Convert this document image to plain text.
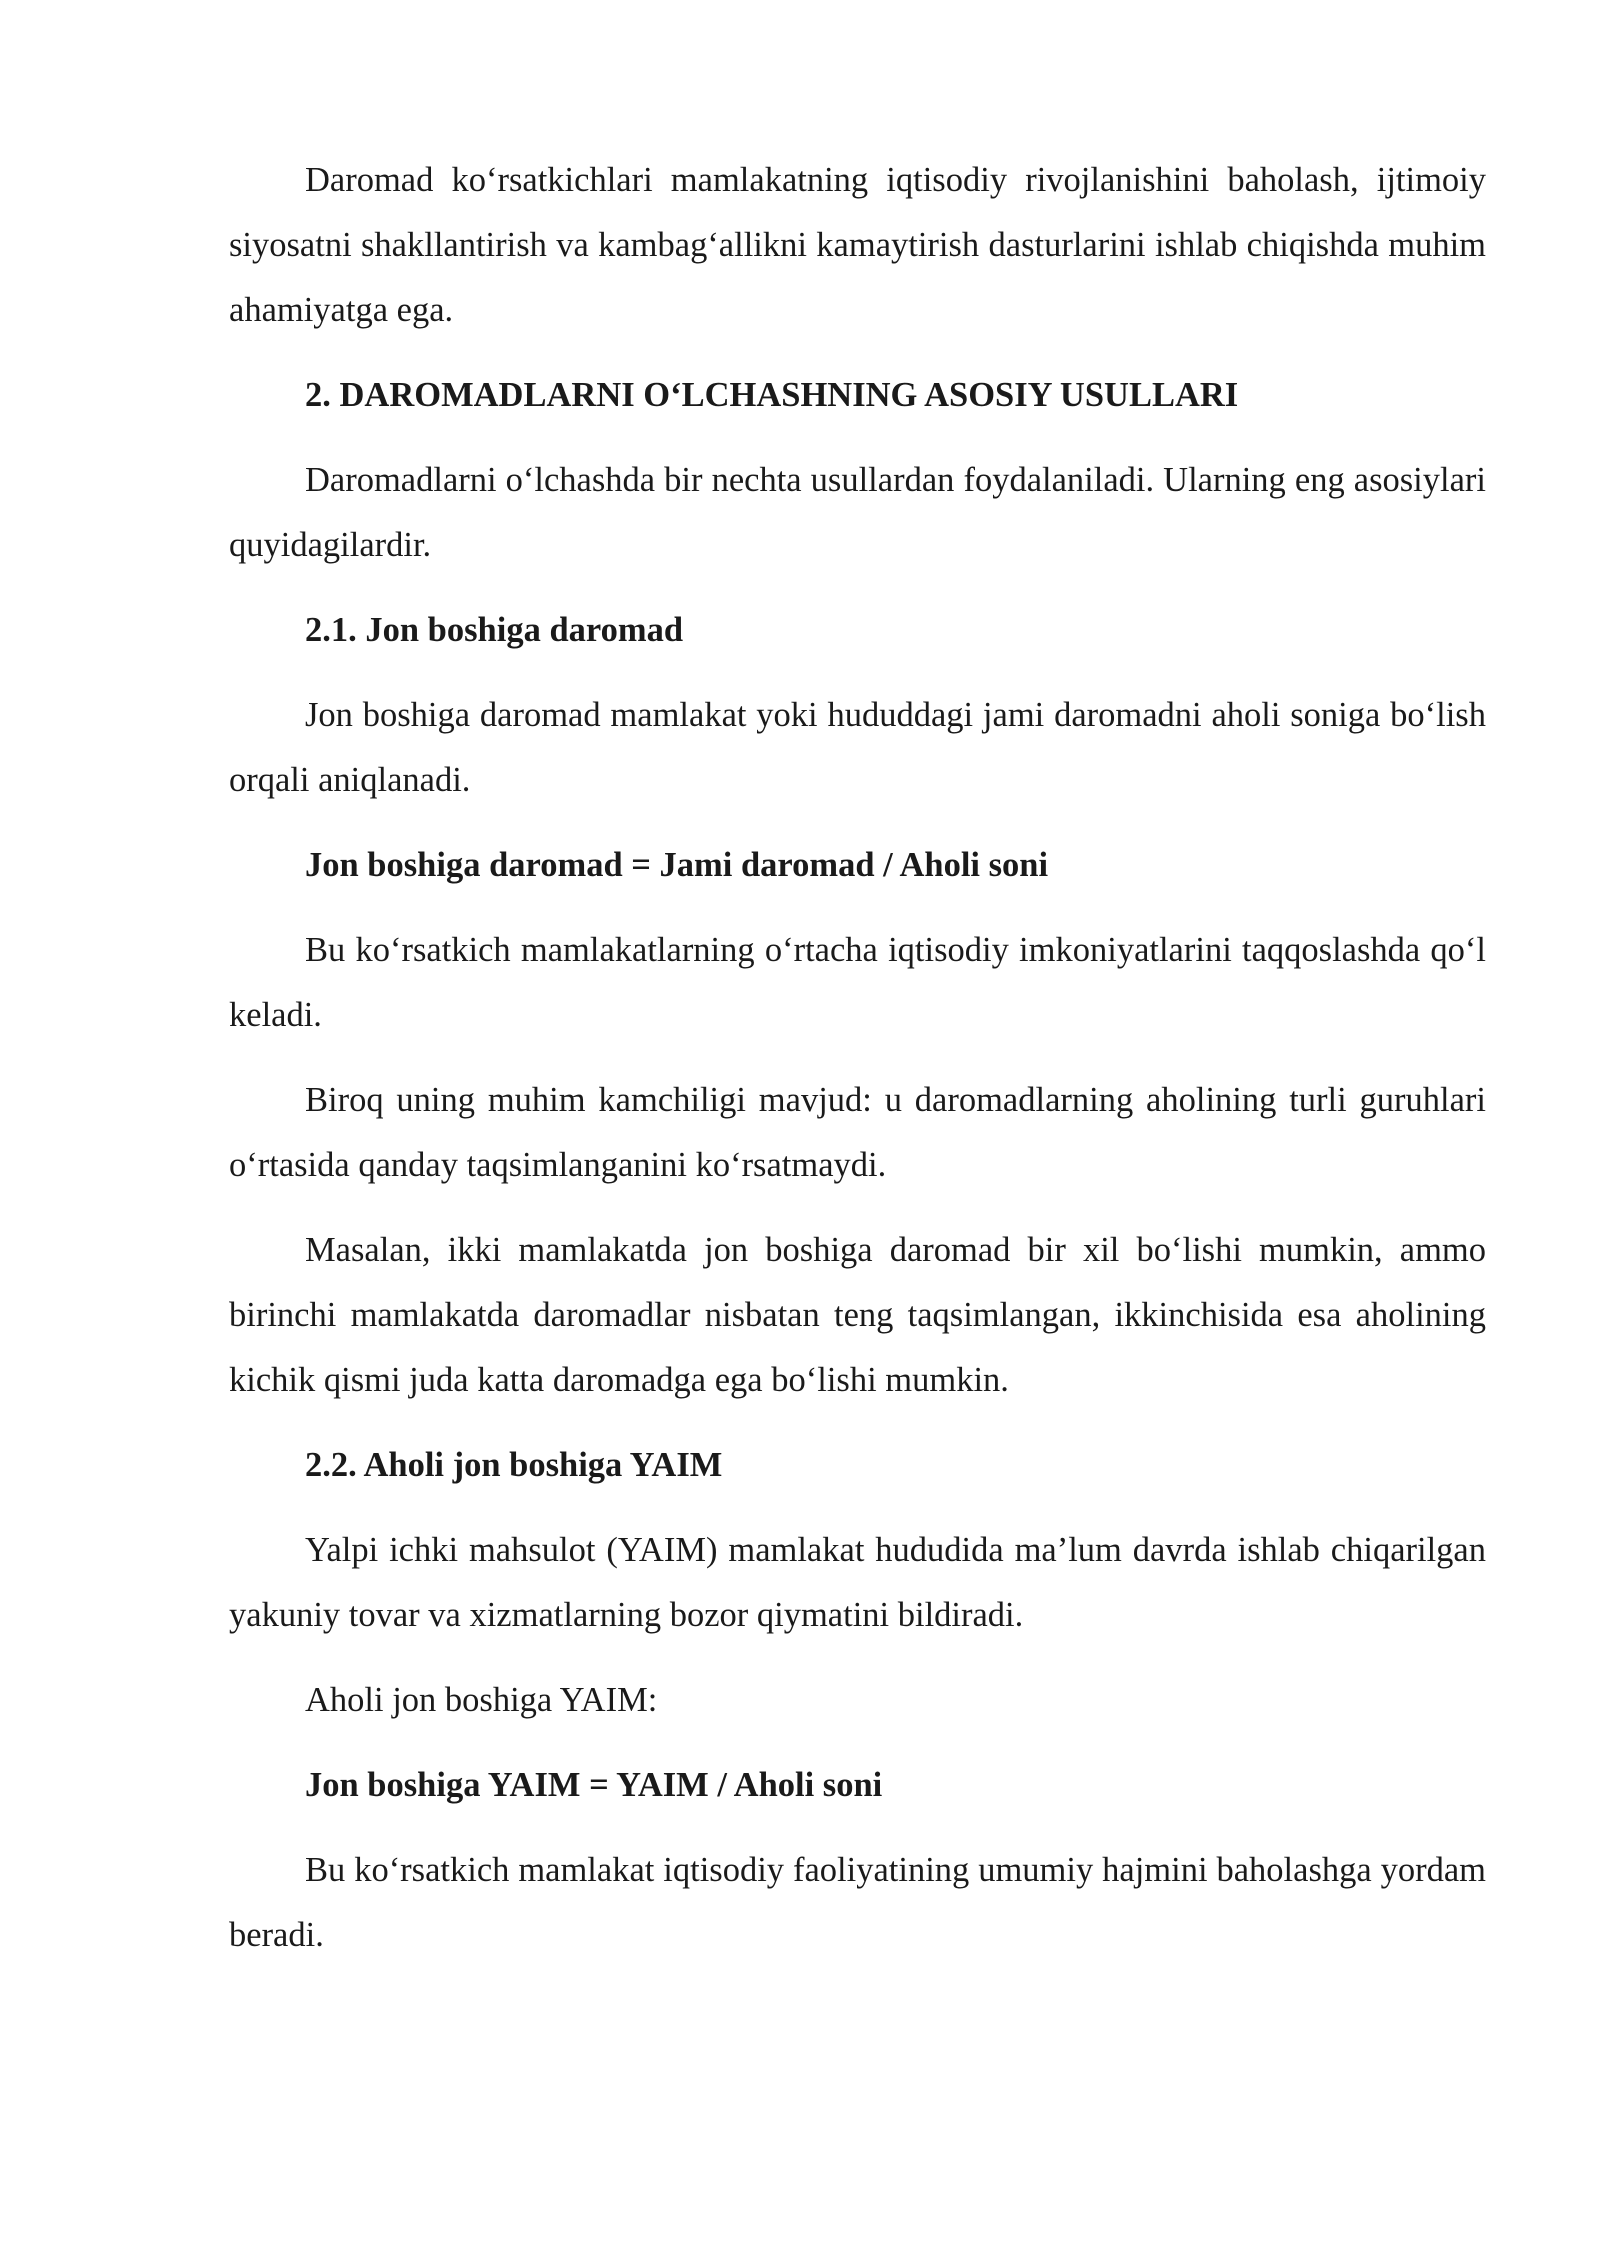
Daromad ko‘rsatkichlari mamlakatning iqtisodiy rivojlanishini baholash, ijtimoiy siyosatni shakllantirish va kambag‘allikni kamaytirish dasturlarini ishlab chiqishda muhim ahamiyatga ega.

2. DAROMADLARNI O‘LCHASHNING ASOSIY USULLARI

Daromadlarni o‘lchashda bir nechta usullardan foydalaniladi. Ularning eng asosiylari quyidagilardir.

2.1. Jon boshiga daromad

Jon boshiga daromad mamlakat yoki hududdagi jami daromadni aholi soniga bo‘lish orqali aniqlanadi.

Jon boshiga daromad = Jami daromad / Aholi soni

Bu ko‘rsatkich mamlakatlarning o‘rtacha iqtisodiy imkoniyatlarini taqqoslashda qo‘l keladi.

Biroq uning muhim kamchiligi mavjud: u daromadlarning aholining turli guruhlari o‘rtasida qanday taqsimlanganini ko‘rsatmaydi.

Masalan, ikki mamlakatda jon boshiga daromad bir xil bo‘lishi mumkin, ammo birinchi mamlakatda daromadlar nisbatan teng taqsimlangan, ikkinchisida esa aholining kichik qismi juda katta daromadga ega bo‘lishi mumkin.

2.2. Aholi jon boshiga YAIM

Yalpi ichki mahsulot (YAIM) mamlakat hududida ma’lum davrda ishlab chiqarilgan yakuniy tovar va xizmatlarning bozor qiymatini bildiradi.

Aholi jon boshiga YAIM:

Jon boshiga YAIM = YAIM / Aholi soni

Bu ko‘rsatkich mamlakat iqtisodiy faoliyatining umumiy hajmini baholashga yordam beradi.
